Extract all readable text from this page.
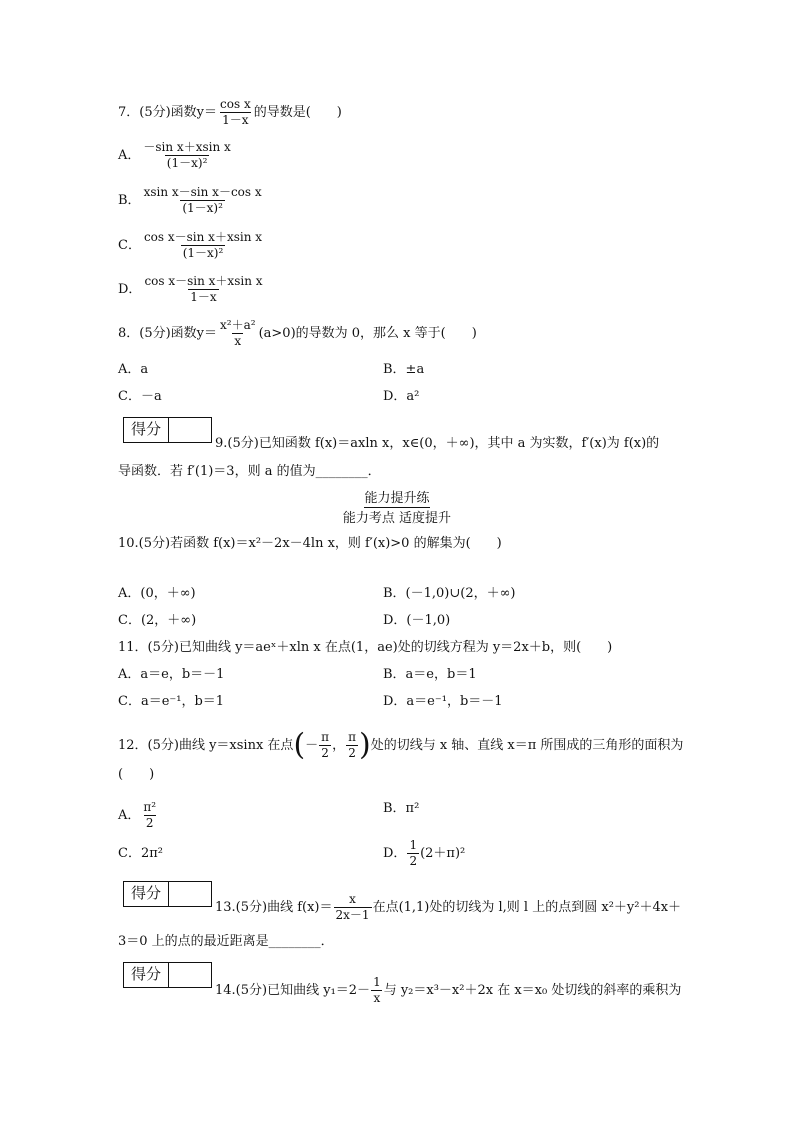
7．(5分)函数$y= \frac{\text{cos x}}{1-x}$ 的导数是(　　)
A． $\frac{\text{－sin x＋xsin x}}{\text{(1－x)²}}$
B． $\frac{\text{xsin x－sin x－cos x}}{\text{(1－x)²}}$
C． $\frac{\text{cos x－sin x＋xsin x}}{\text{(1－x)²}}$
D． $\frac{\text{cos x－sin x＋xsin x}}{1-x}$
8．(5分)函数$y= \frac{\text{x²＋a²}}{x} (a>0)$的导数为 0，那么 x 等于(　　)
A．a	B．±a
C．－a	D．a²
得分
9.(5分)已知函数 f(x)＝axln x，x∈(0，＋∞)，其中 a 为实数，f′(x)为 f(x)的
导函数．若 f′(1)＝3，则 a 的值为________．
能力提升练
能力考点 适度提升
10.(5分)若函数 f(x)＝x²－2x－4ln x，则 f′(x)>0 的解集为(　　)
A．(0，＋∞)	B．(－1,0)∪(2，＋∞)
C．(2，＋∞)	D．(－1,0)
11．(5分)已知曲线 y＝aeˣ＋xln x 在点(1，ae)处的切线方程为 y＝2x＋b，则(　　)
A．a＝e，b＝－1	B．a＝e，b＝1
C．a＝e⁻¹，b＝1	D．a＝e⁻¹，b＝－1
12．(5分)曲线 y＝xsinx 在点(－ $\frac{\pi}{2}$ ， $\frac{\pi}{2}$ )处的切线与 x 轴、直线 x＝π 所围成的三角形的面积为
(　　)
A． $\frac{\text{π²}}{2}$	B．π²
C．2π²	D． $\frac{1}{2} (2+\pi)^2$
得分
13.(5分)曲线 $f(x)= \frac{x}{2x-1}$ 在点(1,1)处的切线为 l,则 l 上的点到圆 x²＋y²＋4x＋
3＝0 上的点的最近距离是________．
得分
14.(5分)已知曲线 $y_1=2- \frac{1}{x}$ 与 y₂＝x³－x²＋2x 在 x＝x₀ 处切线的斜率的乘积为
